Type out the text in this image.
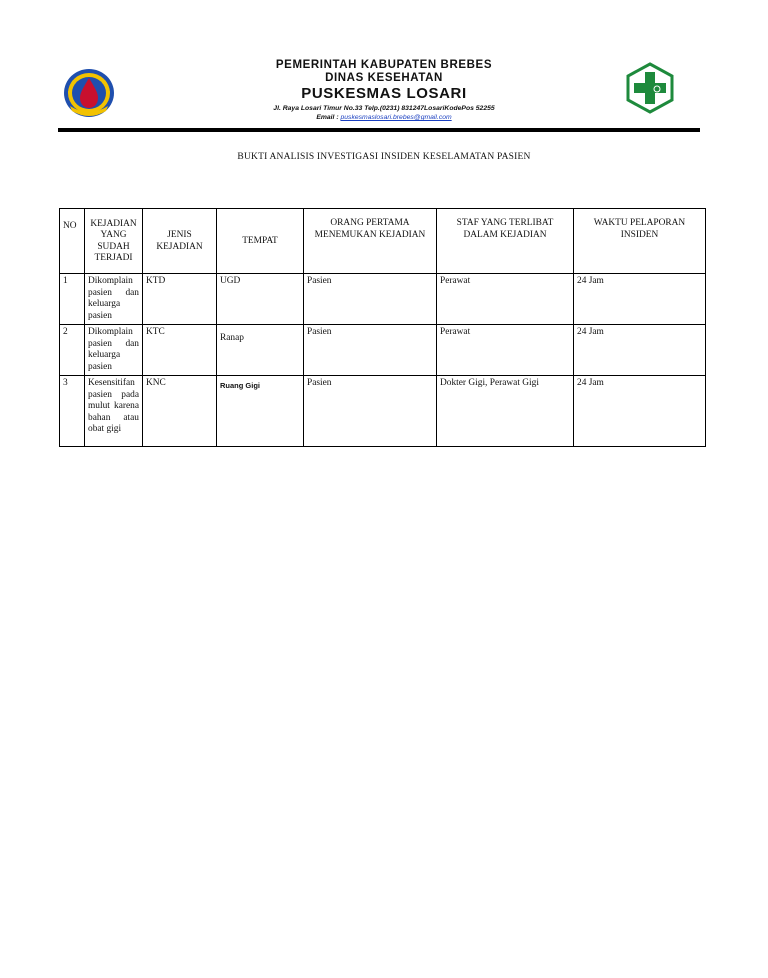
PEMERINTAH KABUPATEN BREBES
DINAS KESEHATAN
PUSKESMAS LOSARI
Jl. Raya Losari Timur No.33 Telp.(0231) 831247LosariKodePos 52255
Email : puskesmaslosari.brebes@gmail.com
BUKTI ANALISIS INVESTIGASI INSIDEN KESELAMATAN PASIEN
NO	KEJADIAN YANG SUDAH TERJADI	JENIS KEJADIAN	TEMPAT	ORANG PERTAMA MENEMUKAN KEJADIAN	STAF YANG TERLIBAT DALAM KEJADIAN	WAKTU PELAPORAN INSIDEN
1	Dikomplain pasien dan keluarga pasien	KTD	UGD	Pasien	Perawat	24 Jam
2	Dikomplain pasien dan keluarga pasien	KTC	Ranap	Pasien	Perawat	24 Jam
3	Kesensitifan pasien pada mulut karena bahan atau obat gigi	KNC	Ruang Gigi	Pasien	Dokter Gigi, Perawat Gigi	24 Jam
